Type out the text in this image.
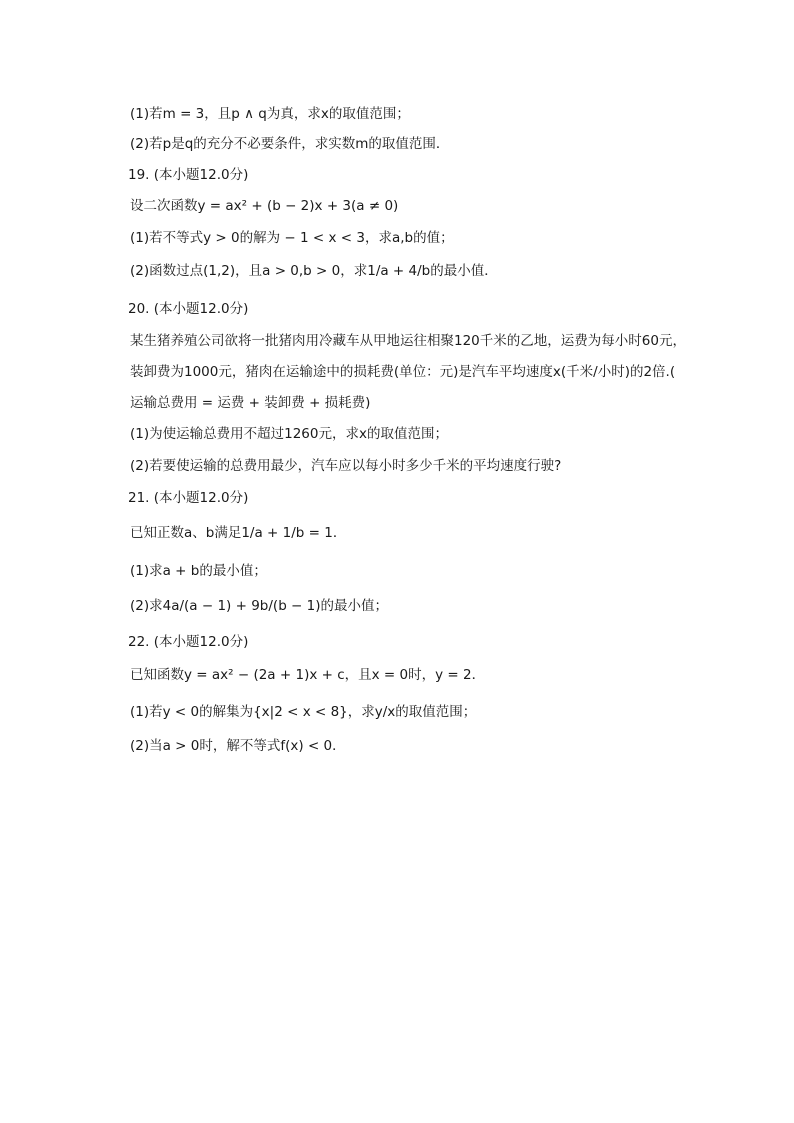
(1)若m = 3，且p ∧ q为真，求x的取值范围；
(2)若p是q的充分不必要条件，求实数m的取值范围．
19. (本小题12.0分)
设二次函数y = ax² + (b − 2)x + 3(a ≠ 0)
(1)若不等式y > 0的解为 − 1 < x < 3，求a,b的值；
(2)函数过点(1,2)，且a > 0,b > 0，求1/a + 4/b的最小值．
20. (本小题12.0分)
某生猪养殖公司欲将一批猪肉用冷藏车从甲地运往相聚120千米的乙地，运费为每小时60元，
装卸费为1000元，猪肉在运输途中的损耗费(单位：元)是汽车平均速度x(千米/小时)的2倍.(
运输总费用 = 运费 + 装卸费 + 损耗费)
(1)为使运输总费用不超过1260元，求x的取值范围；
(2)若要使运输的总费用最少，汽车应以每小时多少千米的平均速度行驶?
21. (本小题12.0分)
已知正数a、b满足1/a + 1/b = 1．
(1)求a + b的最小值；
(2)求4a/(a − 1) + 9b/(b − 1)的最小值；
22. (本小题12.0分)
已知函数y = ax² − (2a + 1)x + c，且x = 0时，y = 2．
(1)若y < 0的解集为{x|2 < x < 8}，求y/x的取值范围；
(2)当a > 0时，解不等式f(x) < 0．
